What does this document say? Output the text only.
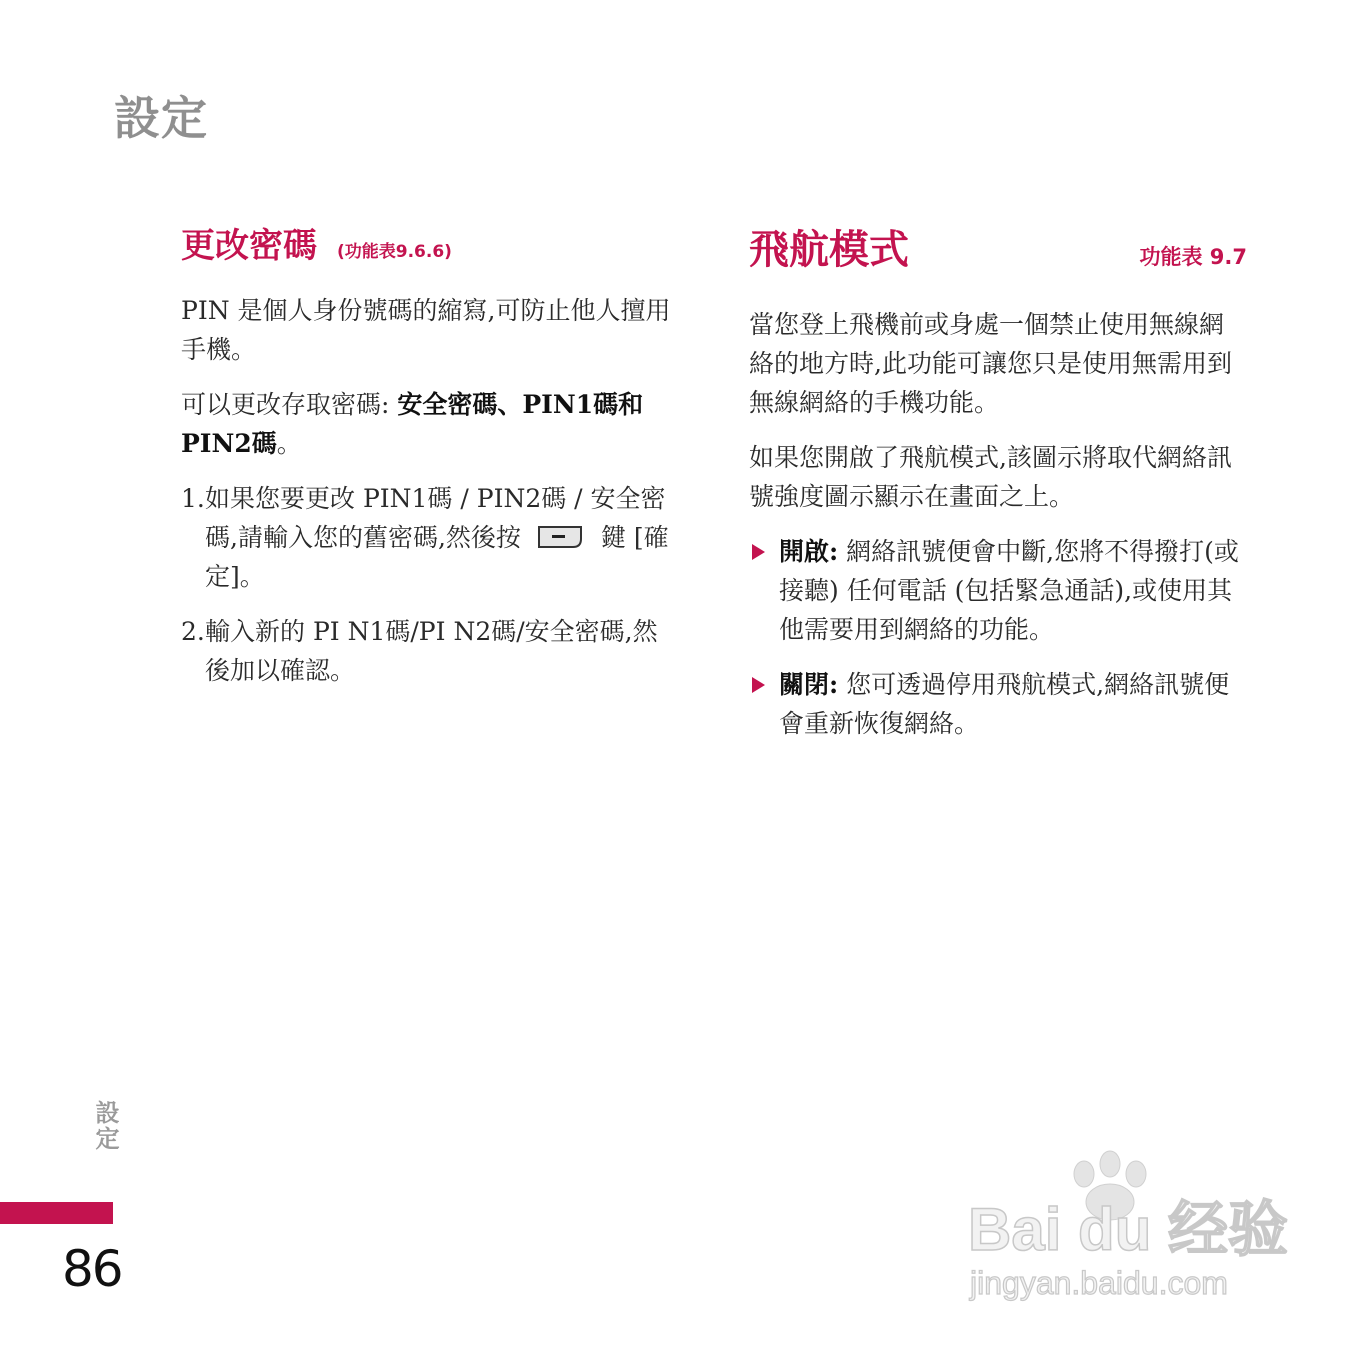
設定
更改密碼 (功能表9.6.6)

PIN 是個人身份號碼的縮寫,可防止他人擅用手機。

可以更改存取密碼: 安全密碼、PIN1碼和PIN2碼。

1. 如果您要更改 PIN1碼 / PIN2碼 / 安全密碼,請輸入您的舊密碼,然後按	鍵 [確定]。
2. 輸入新的 PI N1碼/PI N2碼/安全密碼,然後加以確認。
飛航模式	功能表 9.7

當您登上飛機前或身處一個禁止使用無線網絡的地方時,此功能可讓您只是使用無需用到無線網絡的手機功能。

如果您開啟了飛航模式,該圖示將取代網絡訊號強度圖示顯示在畫面之上。

開啟: 網絡訊號便會中斷,您將不得撥打(或接聽) 任何電話 (包括緊急通話),或使用其他需要用到網絡的功能。
關閉: 您可透過停用飛航模式,網絡訊號便會重新恢復網絡。
設定
86
Bai du 经验
jingyan.baidu.com
